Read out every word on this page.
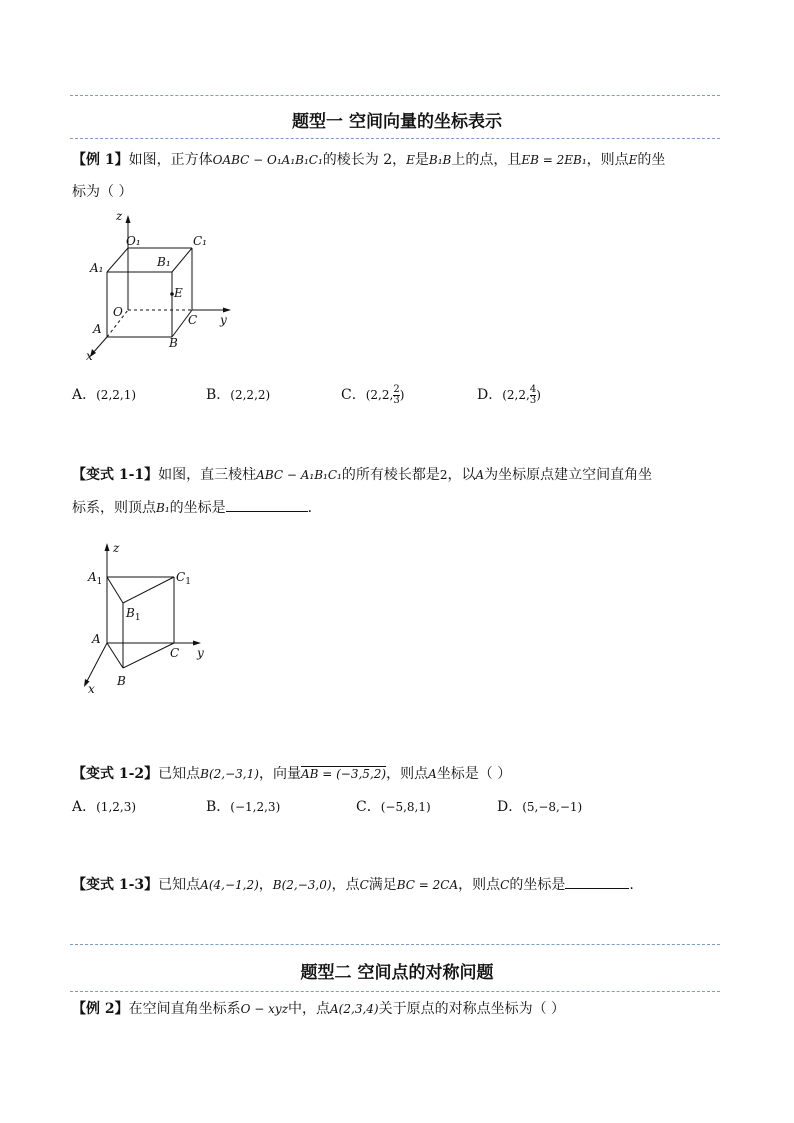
题型一 空间向量的坐标表示
【例 1】如图，正方体OABC − O₁A₁B₁C₁的棱长为 2，E是B₁B上的点，且EB = 2EB₁，则点E的坐
标为（ ）
z
O₁	C₁
A₁	B₁
E
O
C y
A
B
x
A．(2,2,1)	B．(2,2,2)	C．(2,2, $\frac{2}{3}$ )	D．(2,2, $\frac{4}{3}$ )
【变式 1-1】如图，直三棱柱ABC − A₁B₁C₁的所有棱长都是2，以A为坐标原点建立空间直角坐
标系，则顶点B₁的坐标是	．
z
$A_1$	$C_1$
$B_1$
A
C y
x
B
【变式 1-2】已知点B(2,−3,1)，向量AB = (−3,5,2)，则点A坐标是（ ）
A．(1,2,3)	B．(−1,2,3)	C．(−5,8,1)	D．(5,−8,−1)
【变式 1-3】已知点A(4,−1,2)，B(2,−3,0)，点C满足BC = 2CA，则点C的坐标是	.
题型二 空间点的对称问题
【例 2】在空间直角坐标系O − xyz中，点A(2,3,4)关于原点的对称点坐标为（ ）
